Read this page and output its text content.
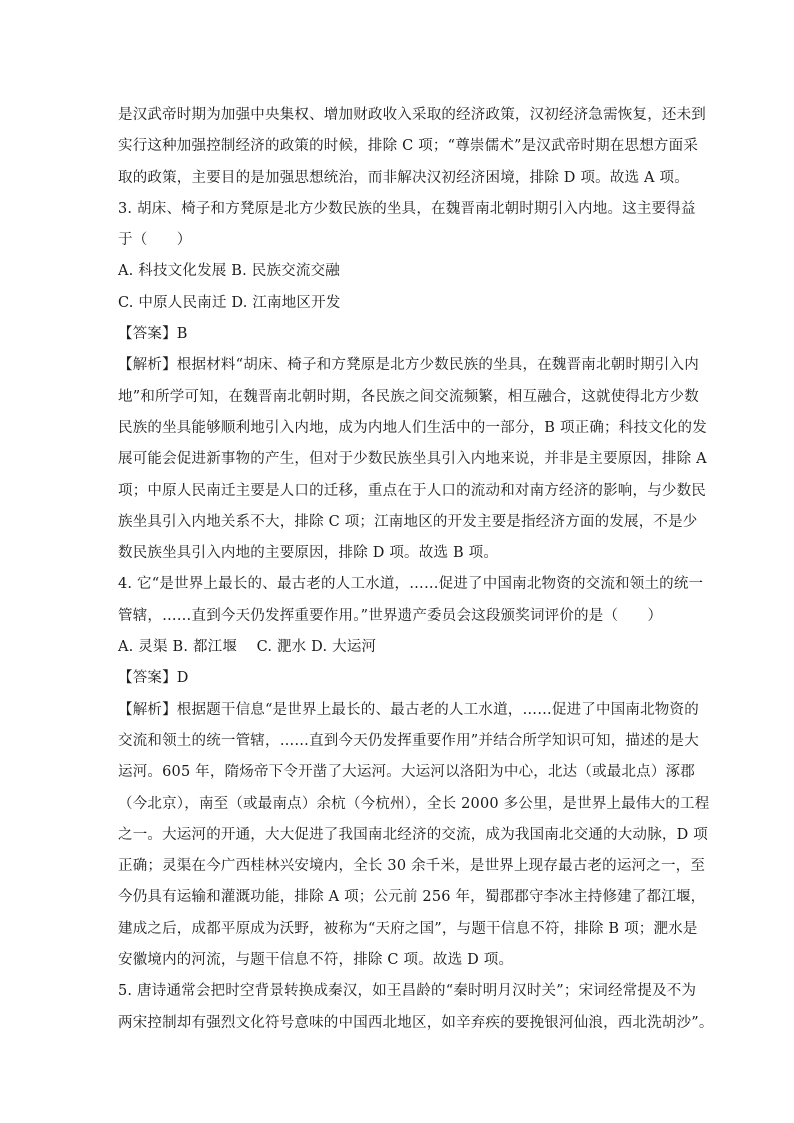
是汉武帝时期为加强中央集权、增加财政收入采取的经济政策，汉初经济急需恢复，还未到
实行这种加强控制经济的政策的时候，排除 C 项；“尊崇儒术”是汉武帝时期在思想方面采
取的政策，主要目的是加强思想统治，而非解决汉初经济困境，排除 D 项。故选 A 项。
3. 胡床、椅子和方凳原是北方少数民族的坐具，在魏晋南北朝时期引入内地。这主要得益
于（　　）
A. 科技文化发展 B. 民族交流交融
C. 中原人民南迁 D. 江南地区开发
【答案】B
【解析】根据材料“胡床、椅子和方凳原是北方少数民族的坐具，在魏晋南北朝时期引入内
地”和所学可知，在魏晋南北朝时期，各民族之间交流频繁，相互融合，这就使得北方少数
民族的坐具能够顺利地引入内地，成为内地人们生活中的一部分，B 项正确；科技文化的发
展可能会促进新事物的产生，但对于少数民族坐具引入内地来说，并非是主要原因，排除 A
项；中原人民南迁主要是人口的迁移，重点在于人口的流动和对南方经济的影响，与少数民
族坐具引入内地关系不大，排除 C 项；江南地区的开发主要是指经济方面的发展，不是少
数民族坐具引入内地的主要原因，排除 D 项。故选 B 项。
4. 它“是世界上最长的、最古老的人工水道，……促进了中国南北物资的交流和领土的统一
管辖，……直到今天仍发挥重要作用。”世界遗产委员会这段颁奖词评价的是（　　）
A. 灵渠 B. 都江堰　 C. 淝水 D. 大运河
【答案】D
【解析】根据题干信息“是世界上最长的、最古老的人工水道，……促进了中国南北物资的
交流和领土的统一管辖，……直到今天仍发挥重要作用”并结合所学知识可知，描述的是大
运河。605 年，隋炀帝下令开凿了大运河。大运河以洛阳为中心，北达（或最北点）涿郡
（今北京），南至（或最南点）余杭（今杭州），全长 2000 多公里，是世界上最伟大的工程
之一。大运河的开通，大大促进了我国南北经济的交流，成为我国南北交通的大动脉，D 项
正确；灵渠在今广西桂林兴安境内，全长 30 余千米，是世界上现存最古老的运河之一，至
今仍具有运输和灌溉功能，排除 A 项；公元前 256 年，蜀郡郡守李冰主持修建了都江堰，
建成之后，成都平原成为沃野，被称为“天府之国”，与题干信息不符，排除 B 项；淝水是
安徽境内的河流，与题干信息不符，排除 C 项。故选 D 项。
5. 唐诗通常会把时空背景转换成秦汉，如王昌龄的“秦时明月汉时关”；宋词经常提及不为
两宋控制却有强烈文化符号意味的中国西北地区，如辛弃疾的要挽银河仙浪，西北洗胡沙”。
